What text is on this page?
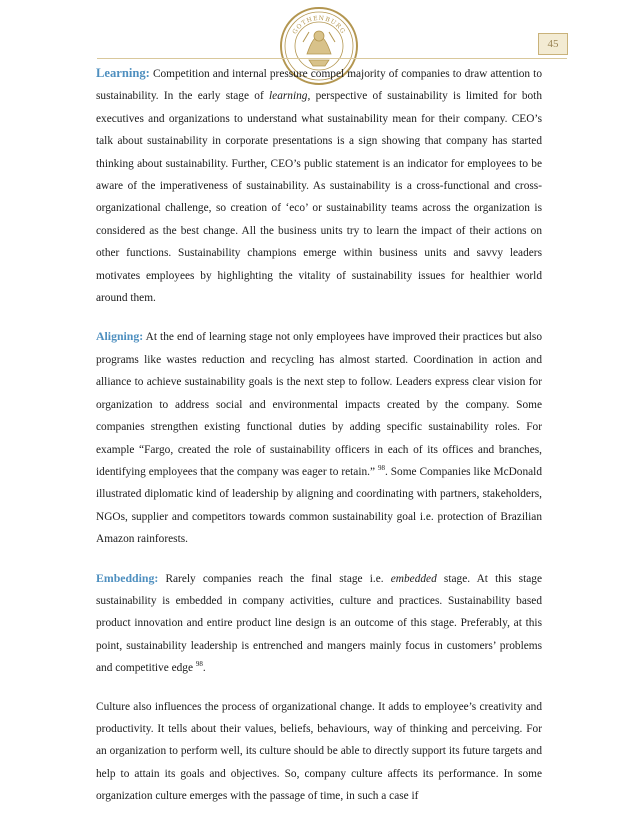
GOTHENBURG
45

Learning: Competition and internal pressure compel majority of companies to draw attention to sustainability. In the early stage of learning, perspective of sustainability is limited for both executives and organizations to understand what sustainability mean for their company. CEO’s talk about sustainability in corporate presentations is a sign showing that company has started thinking about sustainability. Further, CEO’s public statement is an indicator for employees to be aware of the imperativeness of sustainability. As sustainability is a cross-functional and cross-organizational challenge, so creation of ‘eco’ or sustainability teams across the organization is considered as the best change. All the business units try to learn the impact of their actions on other functions. Sustainability champions emerge within business units and savvy leaders motivates employees by highlighting the vitality of sustainability issues for healthier world around them.

Aligning: At the end of learning stage not only employees have improved their practices but also programs like wastes reduction and recycling has almost started. Coordination in action and alliance to achieve sustainability goals is the next step to follow. Leaders express clear vision for organization to address social and environmental impacts created by the company. Some companies strengthen existing functional duties by adding specific sustainability roles. For example “Fargo, created the role of sustainability officers in each of its offices and branches, identifying employees that the company was eager to retain.” $^{98}$. Some Companies like McDonald illustrated diplomatic kind of leadership by aligning and coordinating with partners, stakeholders, NGOs, supplier and competitors towards common sustainability goal i.e. protection of Brazilian Amazon rainforests.

Embedding: Rarely companies reach the final stage i.e. embedded stage. At this stage sustainability is embedded in company activities, culture and practices. Sustainability based product innovation and entire product line design is an outcome of this stage. Preferably, at this point, sustainability leadership is entrenched and mangers mainly focus in customers’ problems and competitive edge $^{98}$.

Culture also influences the process of organizational change. It adds to employee’s creativity and productivity. It tells about their values, beliefs, behaviours, way of thinking and perceiving. For an organization to perform well, its culture should be able to directly support its future targets and help to attain its goals and objectives. So, company culture affects its performance. In some organization culture emerges with the passage of time, in such a case if
